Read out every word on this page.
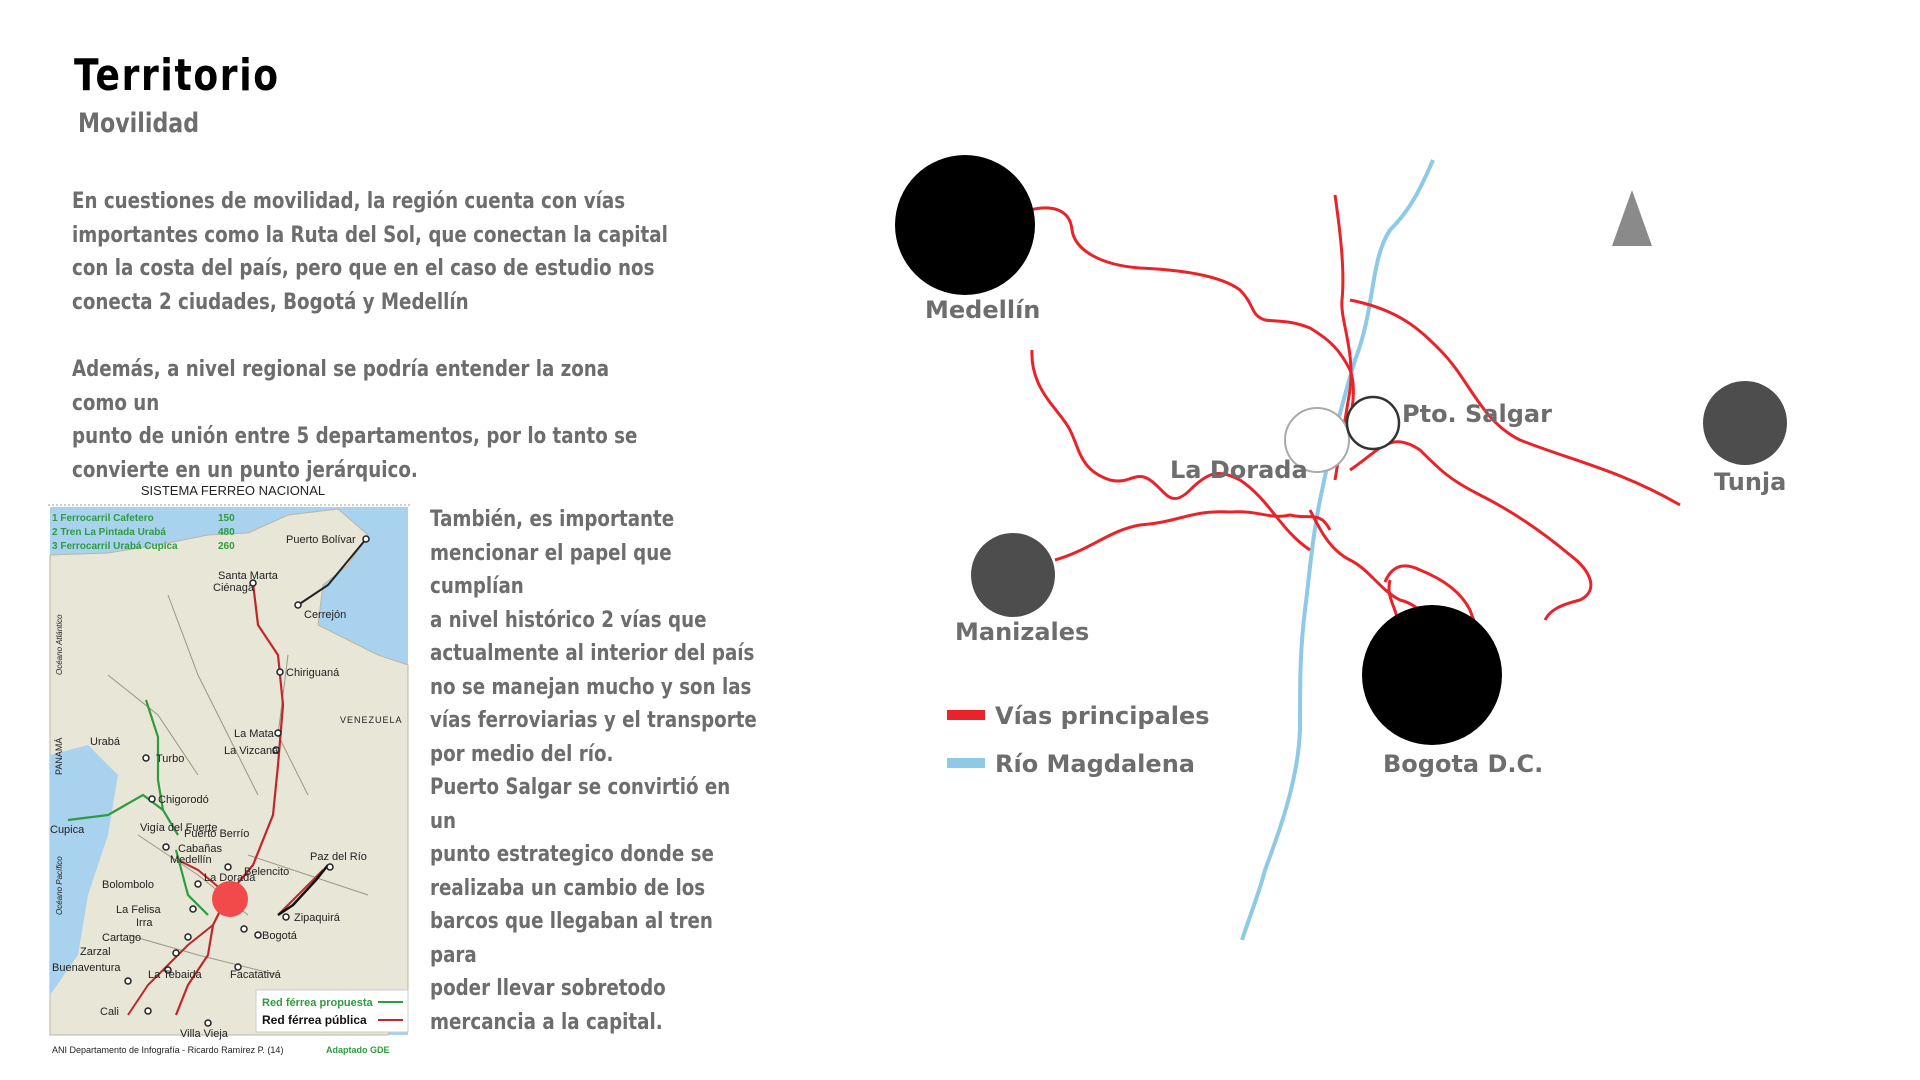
Territorio
Movilidad
En cuestiones de movilidad, la región cuenta con vías
importantes como la Ruta del Sol, que conectan la capital
con la costa del país, pero que en el caso de estudio nos
conecta 2 ciudades, Bogotá y Medellín
Además, a nivel regional se podría entender la zona como un
punto de unión entre 5 departamentos, por lo tanto se
convierte en un punto jerárquico.
También, es importante
mencionar el papel que cumplían
a nivel histórico 2 vías que
actualmente al interior del país
no se manejan mucho y son las
vías ferroviarias y el transporte
por medio del río.
Puerto Salgar se convirtió en un
punto estrategico donde se
realizaba un cambio de los
barcos que llegaban al tren para
poder llevar sobretodo
mercancia a la capital.
SISTEMA FERREO NACIONAL
Puerto Bolívar
Santa Marta
Ciénaga
Cerrejón
Chiriguaná
La Mata
La Vizcana
Urabá
Turbo
Chigorodó
Cupica	Vigía del Fuerte
Puerto Berrío
Cabañas
Medellín
La Dorada
Belencito
Paz del Río
Bolombolo
Zipaquirá
La Felisa
Irra
Bogotá
Cartago
Zarzal
Buenaventura
La Tebaida	Facatativá
Cali
Villa Vieja
VENEZUELA
PANAMÁ
Océano Atlántico
Océano Pacífico
1 Ferrocarril Cafetero	150
2 Tren La Pintada Urabá	480
3 Ferrocarril Urabá Cupica	260
Red férrea propuesta
Red férrea pública
ANI Departamento de Infografía - Ricardo Ramírez P. (14)	Adaptado GDE
Medellín
Tunja
Manizales
Bogota D.C.
La Dorada
Pto. Salgar
Vías principales
Río Magdalena
